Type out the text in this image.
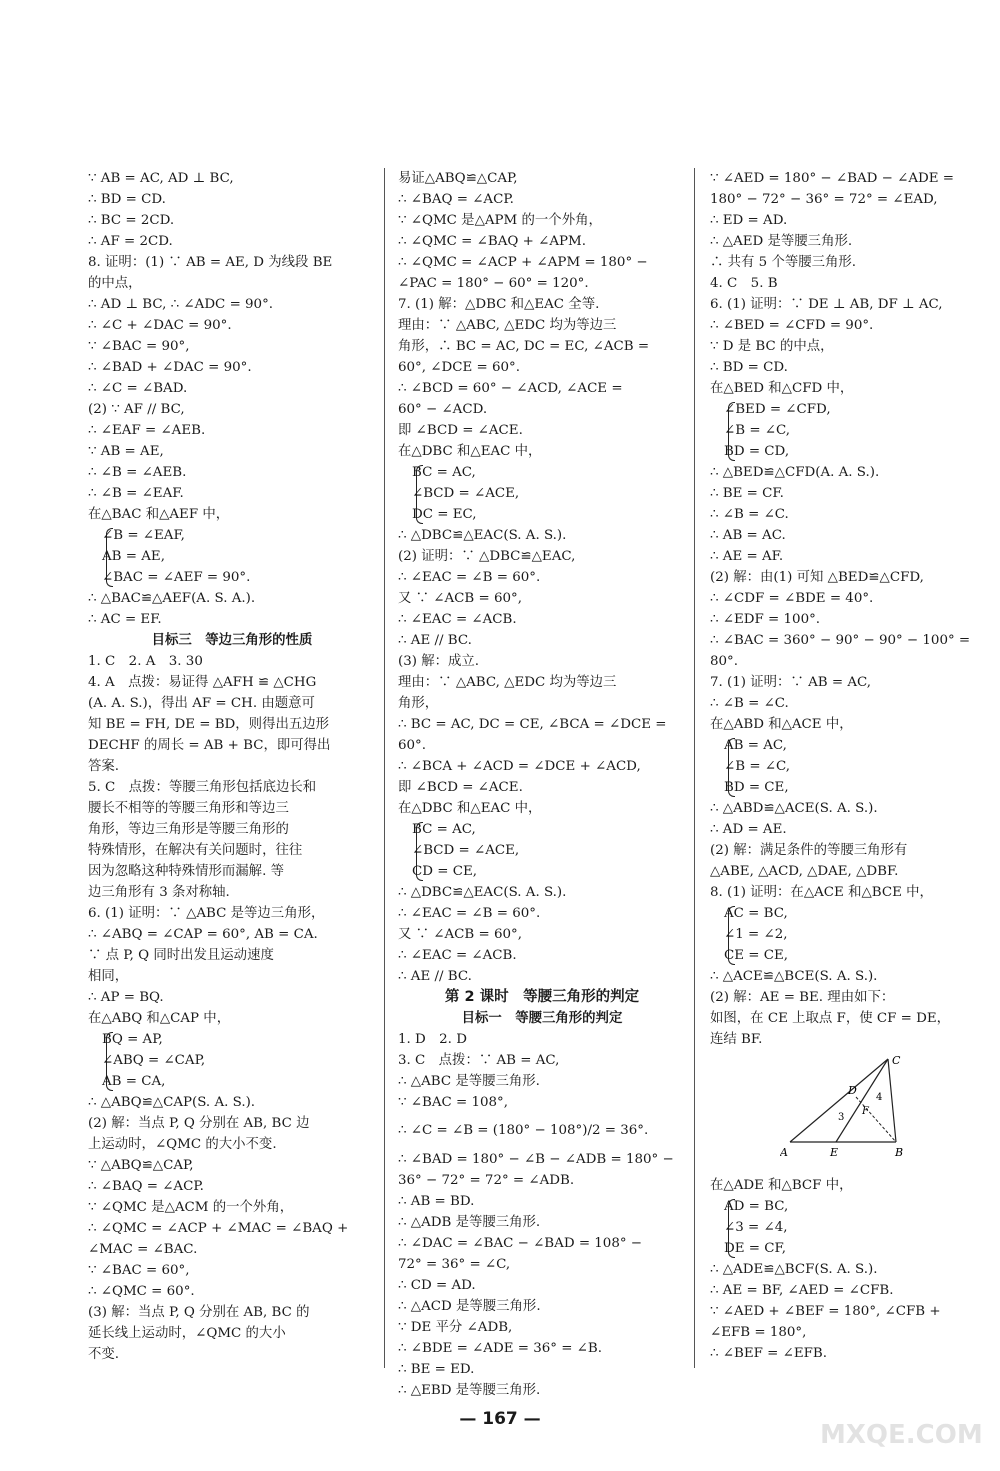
∵ AB = AC, AD ⊥ BC,
∴ BD = CD.
∴ BC = 2CD.
∴ AF = 2CD.
8. 证明：(1) ∵ AB = AE, D 为线段 BE
的中点，
∴ AD ⊥ BC, ∴ ∠ADC = 90°.
∴ ∠C + ∠DAC = 90°.
∵ ∠BAC = 90°,
∴ ∠BAD + ∠DAC = 90°.
∴ ∠C = ∠BAD.
(2) ∵ AF // BC,
∴ ∠EAF = ∠AEB.
∵ AB = AE,
∴ ∠B = ∠AEB.
∴ ∠B = ∠EAF.
在△BAC 和△AEF 中，
∠B = ∠EAF,
AB = AE,
∠BAC = ∠AEF = 90°.
∴ △BAC≌△AEF(A. S. A.).
∴ AC = EF.
目标三　等边三角形的性质
1. C　2. A　3. 30
4. A　点拨：易证得 △AFH ≌ △CHG
(A. A. S.)，得出 AF = CH. 由题意可
知 BE = FH, DE = BD，则得出五边形
DECHF 的周长 = AB + BC，即可得出
答案.
5. C　点拨：等腰三角形包括底边长和
腰长不相等的等腰三角形和等边三
角形，等边三角形是等腰三角形的
特殊情形，在解决有关问题时，往往
因为忽略这种特殊情形而漏解. 等
边三角形有 3 条对称轴.
6. (1) 证明：∵ △ABC 是等边三角形，
∴ ∠ABQ = ∠CAP = 60°, AB = CA.
∵ 点 P, Q 同时出发且运动速度
相同，
∴ AP = BQ.
在△ABQ 和△CAP 中，
BQ = AP,
∠ABQ = ∠CAP,
AB = CA,
∴ △ABQ≌△CAP(S. A. S.).
(2) 解：当点 P, Q 分别在 AB, BC 边
上运动时，∠QMC 的大小不变.
∵ △ABQ≌△CAP,
∴ ∠BAQ = ∠ACP.
∵ ∠QMC 是△ACM 的一个外角，
∴ ∠QMC = ∠ACP + ∠MAC = ∠BAQ +
∠MAC = ∠BAC.
∵ ∠BAC = 60°,
∴ ∠QMC = 60°.
(3) 解：当点 P, Q 分别在 AB, BC 的
延长线上运动时，∠QMC 的大小
不变.
易证△ABQ≌△CAP,
∴ ∠BAQ = ∠ACP.
∵ ∠QMC 是△APM 的一个外角，
∴ ∠QMC = ∠BAQ + ∠APM.
∴ ∠QMC = ∠ACP + ∠APM = 180° −
∠PAC = 180° − 60° = 120°.
7. (1) 解：△DBC 和△EAC 全等.
理由：∵ △ABC, △EDC 均为等边三
角形，∴ BC = AC, DC = EC, ∠ACB =
60°, ∠DCE = 60°.
∴ ∠BCD = 60° − ∠ACD, ∠ACE =
60° − ∠ACD.
即 ∠BCD = ∠ACE.
在△DBC 和△EAC 中，
BC = AC,
∠BCD = ∠ACE,
DC = EC,
∴ △DBC≌△EAC(S. A. S.).
(2) 证明：∵ △DBC≌△EAC,
∴ ∠EAC = ∠B = 60°.
又 ∵ ∠ACB = 60°,
∴ ∠EAC = ∠ACB.
∴ AE // BC.
(3) 解：成立.
理由：∵ △ABC, △EDC 均为等边三
角形，
∴ BC = AC, DC = CE, ∠BCA = ∠DCE =
60°.
∴ ∠BCA + ∠ACD = ∠DCE + ∠ACD,
即 ∠BCD = ∠ACE.
在△DBC 和△EAC 中，
BC = AC,
∠BCD = ∠ACE,
CD = CE,
∴ △DBC≌△EAC(S. A. S.).
∴ ∠EAC = ∠B = 60°.
又 ∵ ∠ACB = 60°,
∴ ∠EAC = ∠ACB.
∴ AE // BC.
第 2 课时　等腰三角形的判定
目标一　等腰三角形的判定
1. D　2. D
3. C　点拨：∵ AB = AC,
∴ △ABC 是等腰三角形.
∵ ∠BAC = 108°,
∴ ∠C = ∠B = (180° − 108°)/2 = 36°.
∴ ∠BAD = 180° − ∠B − ∠ADB = 180° −
36° − 72° = 72° = ∠ADB.
∴ AB = BD.
∴ △ADB 是等腰三角形.
∴ ∠DAC = ∠BAC − ∠BAD = 108° −
72° = 36° = ∠C,
∴ CD = AD.
∴ △ACD 是等腰三角形.
∵ DE 平分 ∠ADB,
∴ ∠BDE = ∠ADE = 36° = ∠B.
∴ BE = ED.
∴ △EBD 是等腰三角形.
∵ ∠AED = 180° − ∠BAD − ∠ADE =
180° − 72° − 36° = 72° = ∠EAD,
∴ ED = AD.
∴ △AED 是等腰三角形.
∴ 共有 5 个等腰三角形.
4. C　5. B
6. (1) 证明：∵ DE ⊥ AB, DF ⊥ AC,
∴ ∠BED = ∠CFD = 90°.
∵ D 是 BC 的中点，
∴ BD = CD.
在△BED 和△CFD 中，
∠BED = ∠CFD,
∠B = ∠C,
BD = CD,
∴ △BED≌△CFD(A. A. S.).
∴ BE = CF.
∴ ∠B = ∠C.
∴ AB = AC.
∴ AE = AF.
(2) 解：由(1) 可知 △BED≌△CFD,
∴ ∠CDF = ∠BDE = 40°.
∴ ∠EDF = 100°.
∴ ∠BAC = 360° − 90° − 90° − 100° =
80°.
7. (1) 证明：∵ AB = AC,
∴ ∠B = ∠C.
在△ABD 和△ACE 中，
AB = AC,
∠B = ∠C,
BD = CE,
∴ △ABD≌△ACE(S. A. S.).
∴ AD = AE.
(2) 解：满足条件的等腰三角形有
△ABE, △ACD, △DAE, △DBF.
8. (1) 证明：在△ACE 和△BCE 中，
AC = BC,
∠1 = ∠2,
CE = CE,
∴ △ACE≌△BCE(S. A. S.).
(2) 解：AE = BE. 理由如下：
如图，在 CE 上取点 F，使 CF = DE，
连结 BF.
C
D
4
3
F
A	E	B
在△ADE 和△BCF 中，
AD = BC,
∠3 = ∠4,
DE = CF,
∴ △ADE≌△BCF(S. A. S.).
∴ AE = BF, ∠AED = ∠CFB.
∵ ∠AED + ∠BEF = 180°, ∠CFB +
∠EFB = 180°,
∴ ∠BEF = ∠EFB.
— 167 —
MXQE.COM
